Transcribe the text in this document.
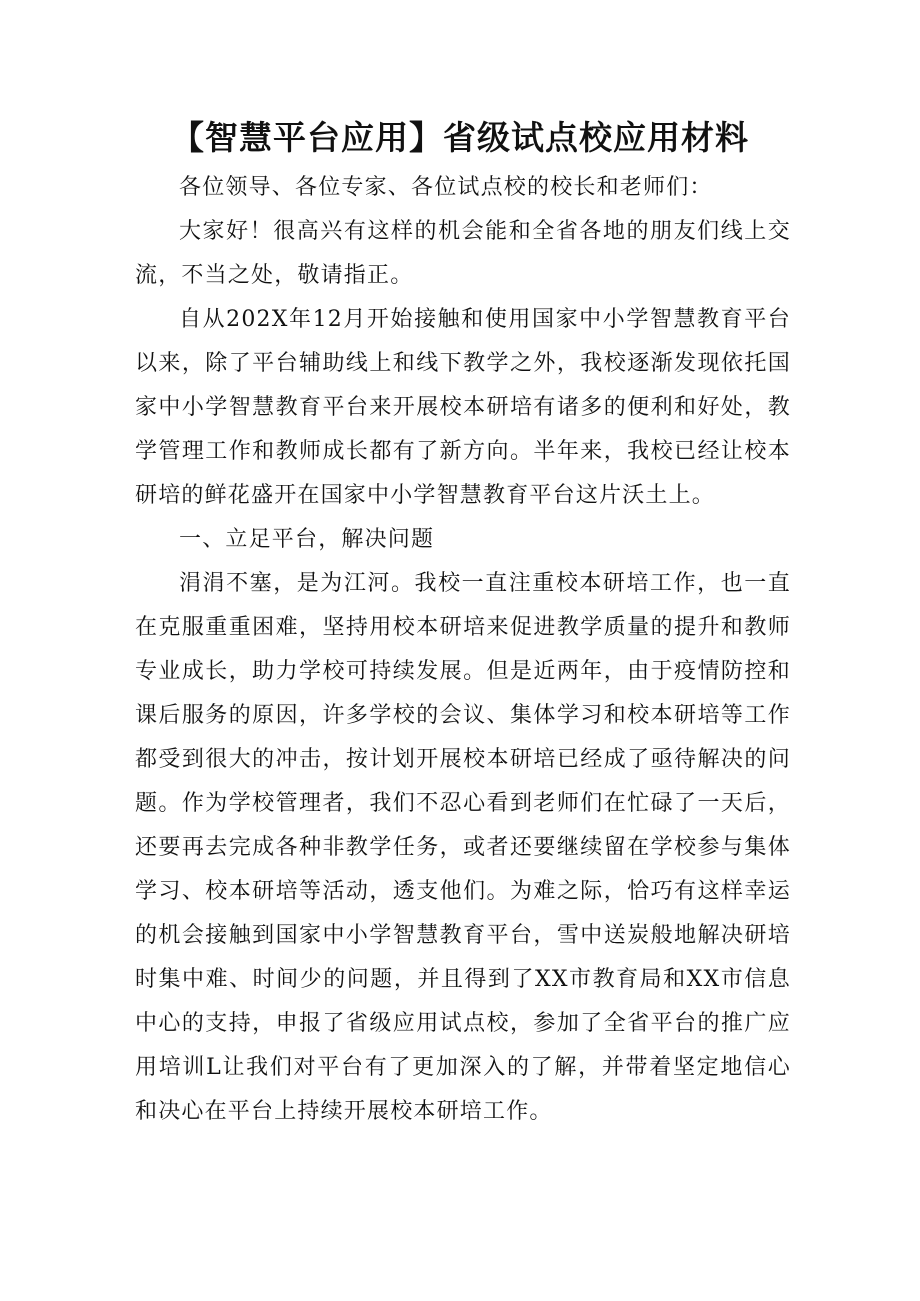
【智慧平台应用】省级试点校应用材料

各位领导、各位专家、各位试点校的校长和老师们：

大家好！很高兴有这样的机会能和全省各地的朋友们线上交流，不当之处，敬请指正。

自从202X年12月开始接触和使用国家中小学智慧教育平台以来，除了平台辅助线上和线下教学之外，我校逐渐发现依托国家中小学智慧教育平台来开展校本研培有诸多的便利和好处，教学管理工作和教师成长都有了新方向。半年来，我校已经让校本研培的鲜花盛开在国家中小学智慧教育平台这片沃土上。

一、立足平台，解决问题

涓涓不塞，是为江河。我校一直注重校本研培工作，也一直在克服重重困难，坚持用校本研培来促进教学质量的提升和教师专业成长，助力学校可持续发展。但是近两年，由于疫情防控和课后服务的原因，许多学校的会议、集体学习和校本研培等工作都受到很大的冲击，按计划开展校本研培已经成了亟待解决的问题。作为学校管理者，我们不忍心看到老师们在忙碌了一天后，还要再去完成各种非教学任务，或者还要继续留在学校参与集体学习、校本研培等活动，透支他们。为难之际，恰巧有这样幸运的机会接触到国家中小学智慧教育平台，雪中送炭般地解决研培时集中难、时间少的问题，并且得到了XX市教育局和XX市信息中心的支持，申报了省级应用试点校，参加了全省平台的推广应用培训L让我们对平台有了更加深入的了解，并带着坚定地信心和决心在平台上持续开展校本研培工作。
